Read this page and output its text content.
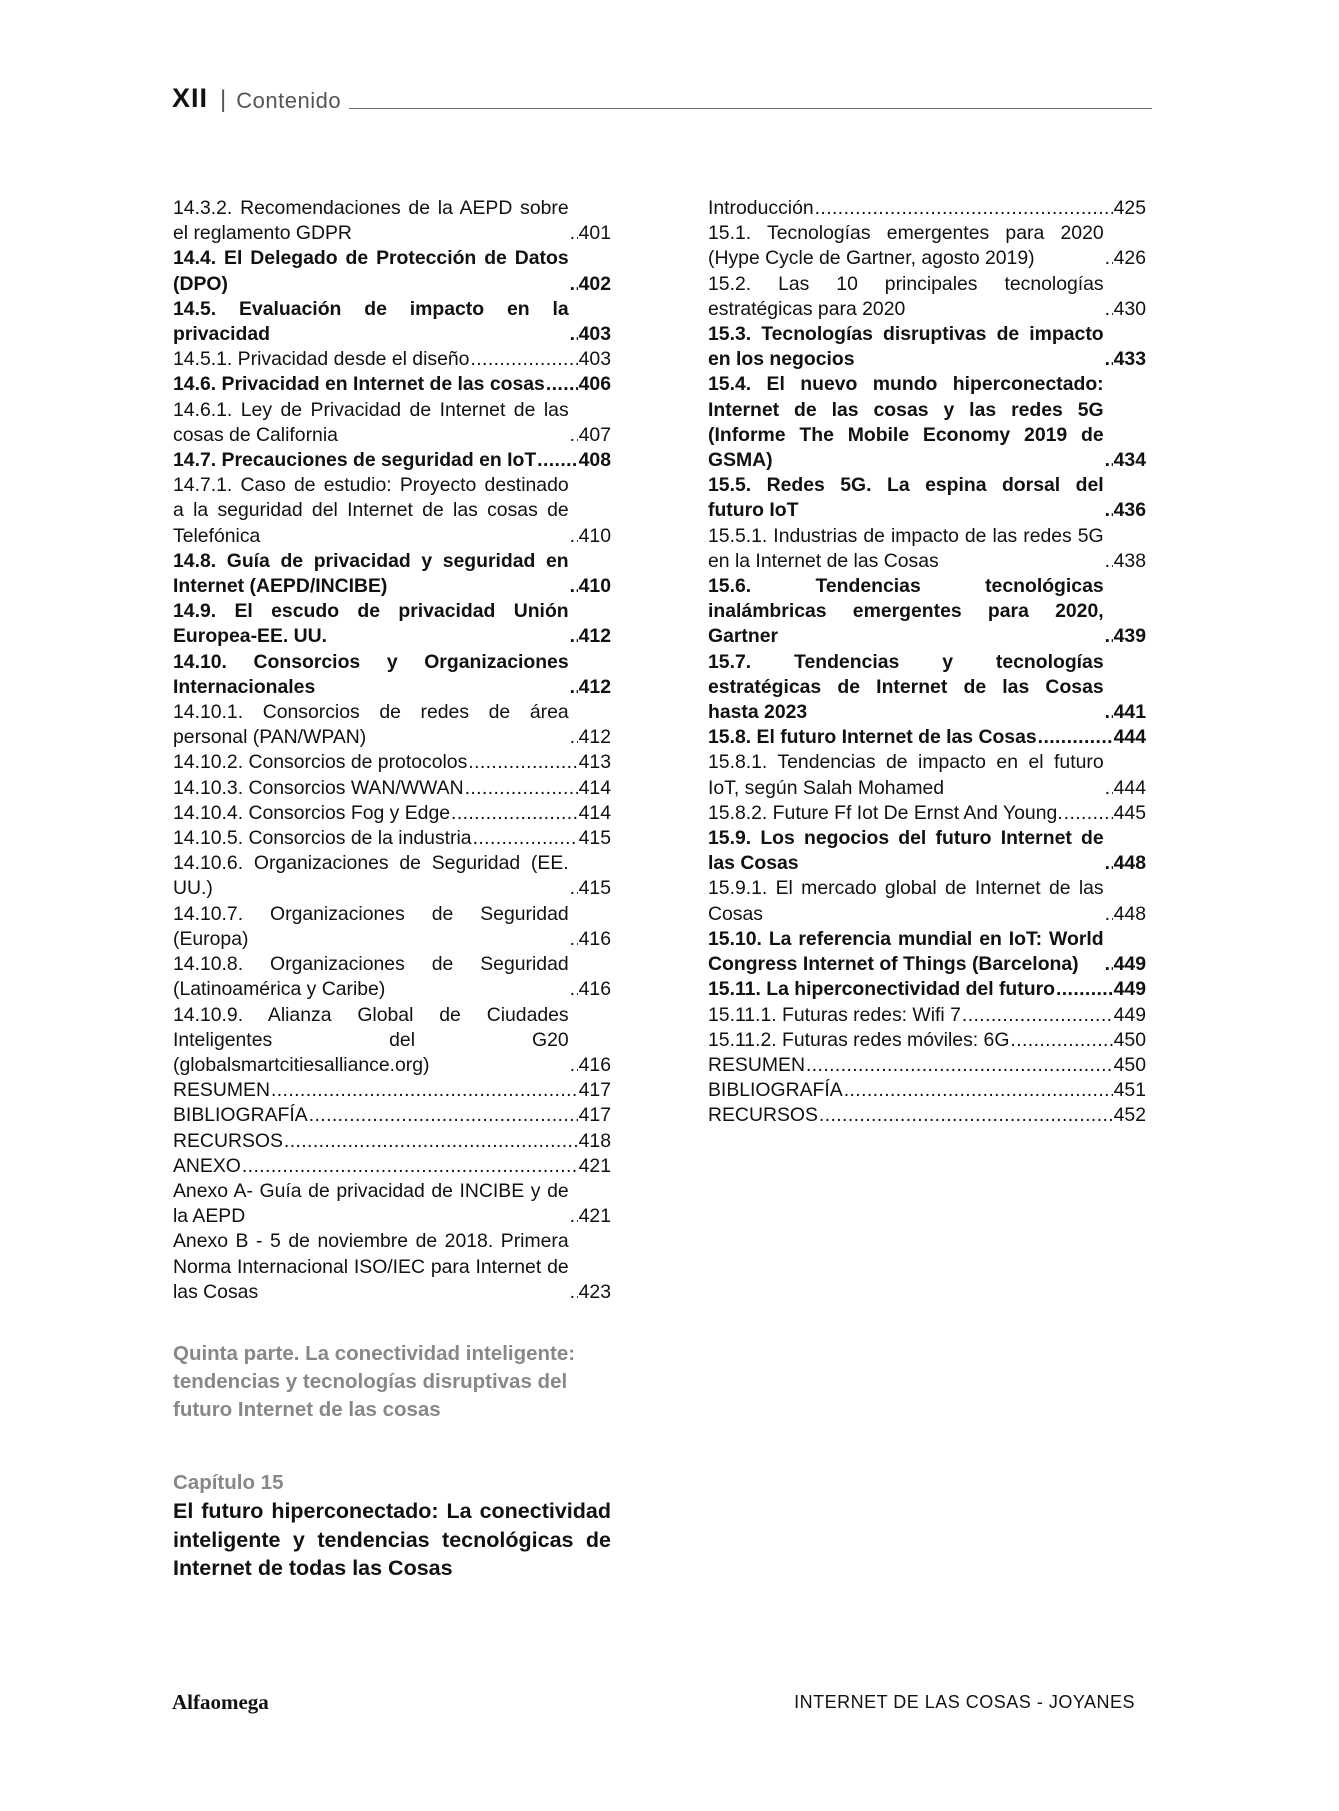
XII | Contenido
14.3.2. Recomendaciones de la AEPD sobre el reglamento GDPR .....	401
14.4. El Delegado de Protección de Datos (DPO) .....	402
14.5. Evaluación de impacto en la privacidad .....	403
14.5.1. Privacidad desde el diseño .....	403
14.6. Privacidad en Internet de las cosas ..... 406
14.6.1. Ley de Privacidad de Internet de las cosas de California .....	407
14.7. Precauciones de seguridad en IoT ..... 408
14.7.1. Caso de estudio: Proyecto destinado a la seguridad del Internet de las cosas de Telefónica .....	410
14.8. Guía de privacidad y seguridad en Internet (AEPD/INCIBE) .....	410
14.9. El escudo de privacidad Unión Europea-EE. UU. .....	412
14.10. Consorcios y Organizaciones Internacionales .....	412
14.10.1. Consorcios de redes de área personal (PAN/WPAN) .....	412
14.10.2. Consorcios de protocolos .....	413
14.10.3. Consorcios WAN/WWAN .....	414
14.10.4. Consorcios Fog y Edge .....	414
14.10.5. Consorcios de la industria .....	415
14.10.6. Organizaciones de Seguridad (EE. UU.) .....	415
14.10.7. Organizaciones de Seguridad (Europa) .....	416
14.10.8. Organizaciones de Seguridad (Latinoamérica y Caribe) .....	416
14.10.9. Alianza Global de Ciudades Inteligentes del G20 (globalsmartcitiesalliance.org) .....	416
RESUMEN .....	417
BIBLIOGRAFÍA .....	417
RECURSOS .....	418
ANEXO .....	421
Anexo A- Guía de privacidad de INCIBE y de la AEPD .....	421
Anexo B - 5 de noviembre de 2018. Primera Norma Internacional ISO/IEC para Internet de las Cosas .....	423
Introducción .....	425
15.1. Tecnologías emergentes para 2020 (Hype Cycle de Gartner, agosto 2019) .....	426
15.2. Las 10 principales tecnologías estratégicas para 2020 .....	430
15.3. Tecnologías disruptivas de impacto en los negocios .....	433
15.4. El nuevo mundo hiperconectado: Internet de las cosas y las redes 5G (Informe The Mobile Economy 2019 de GSMA) .....	434
15.5. Redes 5G. La espina dorsal del futuro IoT .....	436
15.5.1. Industrias de impacto de las redes 5G en la Internet de las Cosas .....	438
15.6. Tendencias tecnológicas inalámbricas emergentes para 2020, Gartner .....	439
15.7. Tendencias y tecnologías estratégicas de Internet de las Cosas hasta 2023 .....	441
15.8. El futuro Internet de las Cosas .....	444
15.8.1. Tendencias de impacto en el futuro IoT, según Salah Mohamed .....	444
15.8.2. Future Ff Iot De Ernst And Young. .....	445
15.9. Los negocios del futuro Internet de las Cosas .....	448
15.9.1. El mercado global de Internet de las Cosas .....	448
15.10. La referencia mundial en IoT: World Congress Internet of Things (Barcelona) .....	449
15.11. La hiperconectividad del futuro .....	449
15.11.1. Futuras redes: Wifi 7 .....	449
15.11.2. Futuras redes móviles: 6G .....	450
RESUMEN .....	450
BIBLIOGRAFÍA .....	451
RECURSOS .....	452
Quinta parte. La conectividad inteligente: tendencias y tecnologías disruptivas del futuro Internet de las cosas
Capítulo 15
El futuro hiperconectado: La conectividad inteligente y tendencias tecnológicas de Internet de todas las Cosas
Alfaomega	INTERNET DE LAS COSAS - JOYANES
